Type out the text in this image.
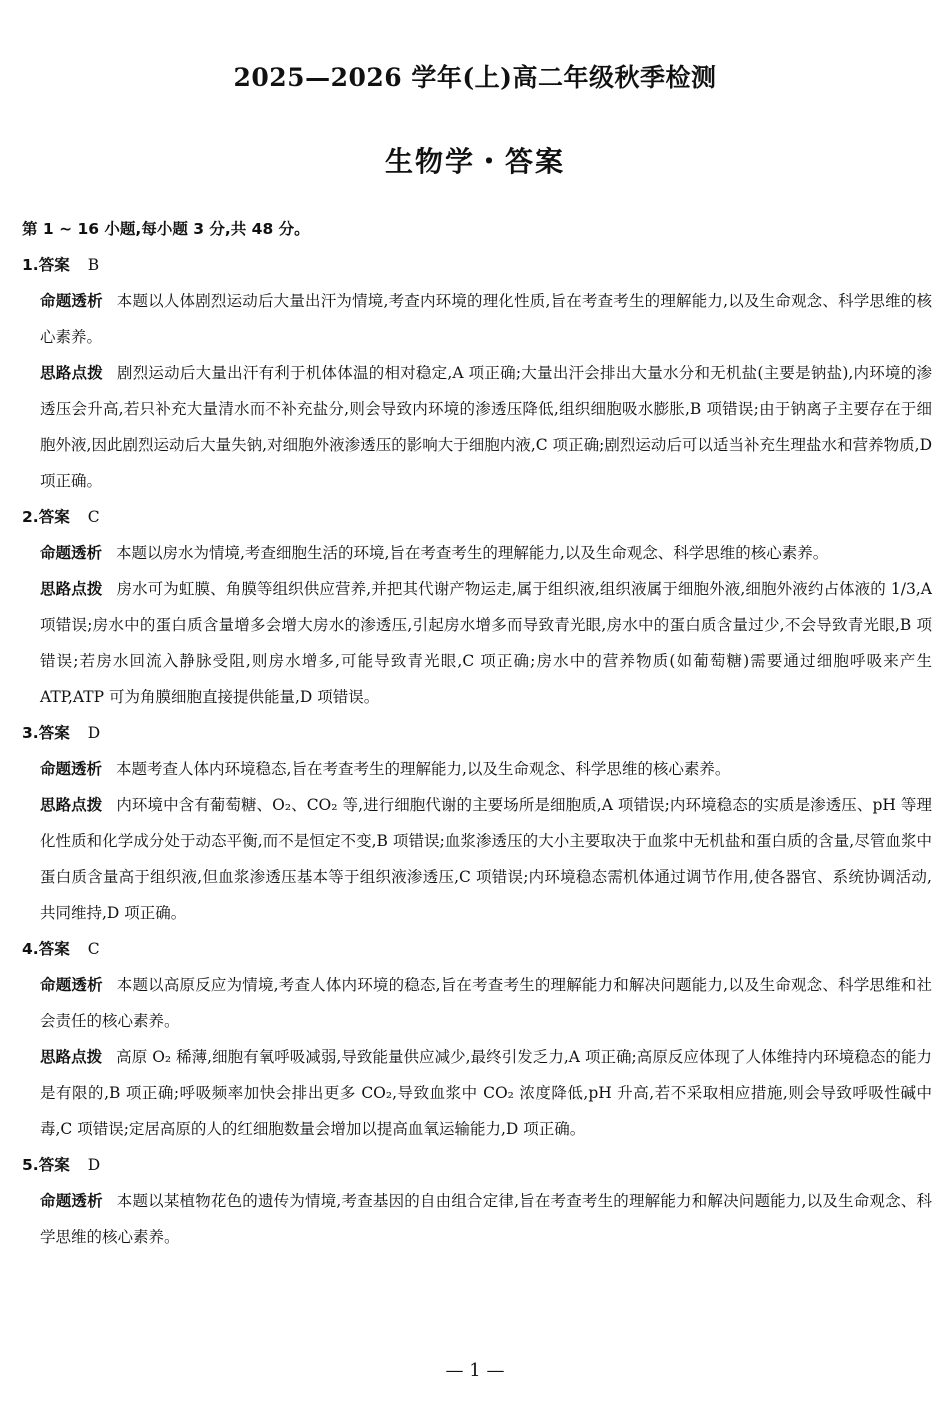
2025—2026 学年(上)高二年级秋季检测
生物学・答案
第 1 ~ 16 小题,每小题 3 分,共 48 分。
1.答案 B

命题透析 本题以人体剧烈运动后大量出汗为情境,考查内环境的理化性质,旨在考查考生的理解能力,以及生命观念、科学思维的核心素养。

思路点拨 剧烈运动后大量出汗有利于机体体温的相对稳定,A 项正确;大量出汗会排出大量水分和无机盐(主要是钠盐),内环境的渗透压会升高,若只补充大量清水而不补充盐分,则会导致内环境的渗透压降低,组织细胞吸水膨胀,B 项错误;由于钠离子主要存在于细胞外液,因此剧烈运动后大量失钠,对细胞外液渗透压的影响大于细胞内液,C 项正确;剧烈运动后可以适当补充生理盐水和营养物质,D 项正确。

2.答案 C

命题透析 本题以房水为情境,考查细胞生活的环境,旨在考查考生的理解能力,以及生命观念、科学思维的核心素养。

思路点拨 房水可为虹膜、角膜等组织供应营养,并把其代谢产物运走,属于组织液,组织液属于细胞外液,细胞外液约占体液的 1/3,A 项错误;房水中的蛋白质含量增多会增大房水的渗透压,引起房水增多而导致青光眼,房水中的蛋白质含量过少,不会导致青光眼,B 项错误;若房水回流入静脉受阻,则房水增多,可能导致青光眼,C 项正确;房水中的营养物质(如葡萄糖)需要通过细胞呼吸来产生 ATP,ATP 可为角膜细胞直接提供能量,D 项错误。

3.答案 D

命题透析 本题考查人体内环境稳态,旨在考查考生的理解能力,以及生命观念、科学思维的核心素养。

思路点拨 内环境中含有葡萄糖、O₂、CO₂ 等,进行细胞代谢的主要场所是细胞质,A 项错误;内环境稳态的实质是渗透压、pH 等理化性质和化学成分处于动态平衡,而不是恒定不变,B 项错误;血浆渗透压的大小主要取决于血浆中无机盐和蛋白质的含量,尽管血浆中蛋白质含量高于组织液,但血浆渗透压基本等于组织液渗透压,C 项错误;内环境稳态需机体通过调节作用,使各器官、系统协调活动,共同维持,D 项正确。

4.答案 C

命题透析 本题以高原反应为情境,考查人体内环境的稳态,旨在考查考生的理解能力和解决问题能力,以及生命观念、科学思维和社会责任的核心素养。

思路点拨 高原 O₂ 稀薄,细胞有氧呼吸减弱,导致能量供应减少,最终引发乏力,A 项正确;高原反应体现了人体维持内环境稳态的能力是有限的,B 项正确;呼吸频率加快会排出更多 CO₂,导致血浆中 CO₂ 浓度降低,pH 升高,若不采取相应措施,则会导致呼吸性碱中毒,C 项错误;定居高原的人的红细胞数量会增加以提高血氧运输能力,D 项正确。

5.答案 D

命题透析 本题以某植物花色的遗传为情境,考查基因的自由组合定律,旨在考查考生的理解能力和解决问题能力,以及生命观念、科学思维的核心素养。

— 1 —
